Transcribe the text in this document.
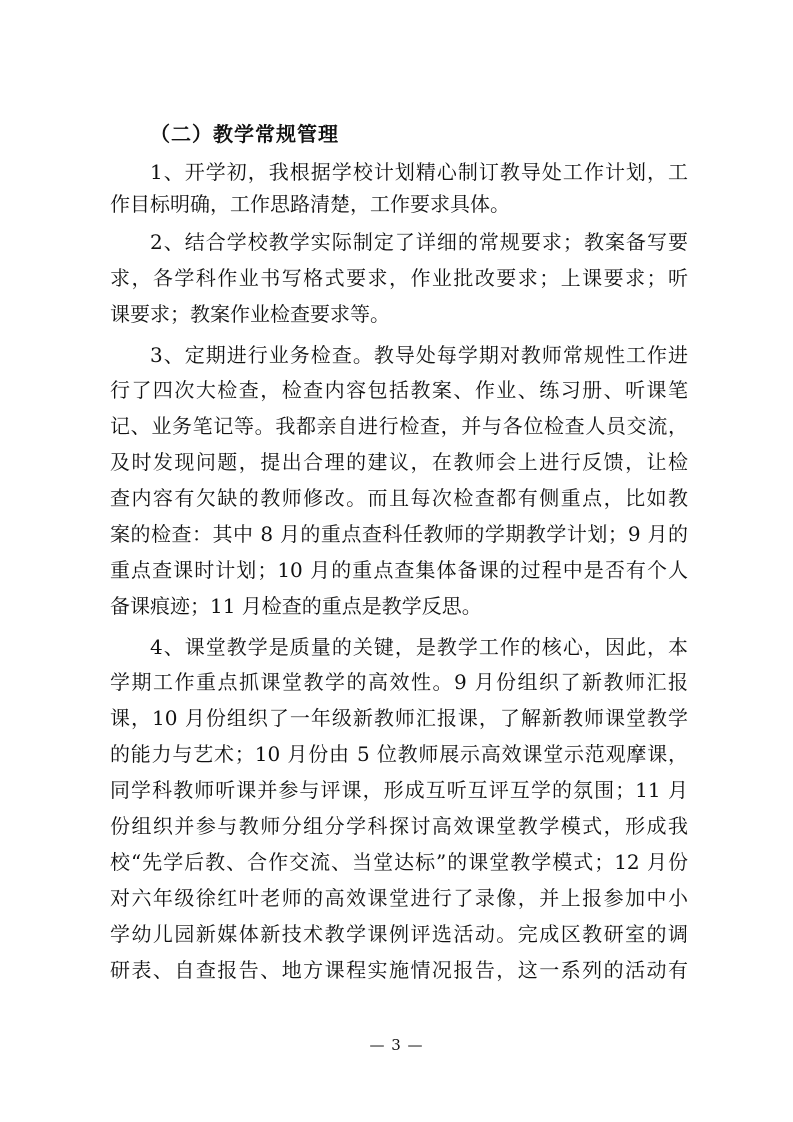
（二）教学常规管理
1、开学初，我根据学校计划精心制订教导处工作计划，工
作目标明确，工作思路清楚，工作要求具体。
2、结合学校教学实际制定了详细的常规要求；教案备写要
求，各学科作业书写格式要求，作业批改要求；上课要求；听
课要求；教案作业检查要求等。
3、定期进行业务检查。教导处每学期对教师常规性工作进
行了四次大检查，检查内容包括教案、作业、练习册、听课笔
记、业务笔记等。我都亲自进行检查，并与各位检查人员交流，
及时发现问题，提出合理的建议，在教师会上进行反馈，让检
查内容有欠缺的教师修改。而且每次检查都有侧重点，比如教
案的检查：其中 8 月的重点查科任教师的学期教学计划；9 月的
重点查课时计划；10 月的重点查集体备课的过程中是否有个人
备课痕迹；11 月检查的重点是教学反思。
4、课堂教学是质量的关键，是教学工作的核心，因此，本
学期工作重点抓课堂教学的高效性。9 月份组织了新教师汇报
课，10 月份组织了一年级新教师汇报课，了解新教师课堂教学
的能力与艺术；10 月份由 5 位教师展示高效课堂示范观摩课，
同学科教师听课并参与评课，形成互听互评互学的氛围；11 月
份组织并参与教师分组分学科探讨高效课堂教学模式，形成我
校“先学后教、合作交流、当堂达标”的课堂教学模式；12 月份
对六年级徐红叶老师的高效课堂进行了录像，并上报参加中小
学幼儿园新媒体新技术教学课例评选活动。完成区教研室的调
研表、自查报告、地方课程实施情况报告，这一系列的活动有
— 3 —
